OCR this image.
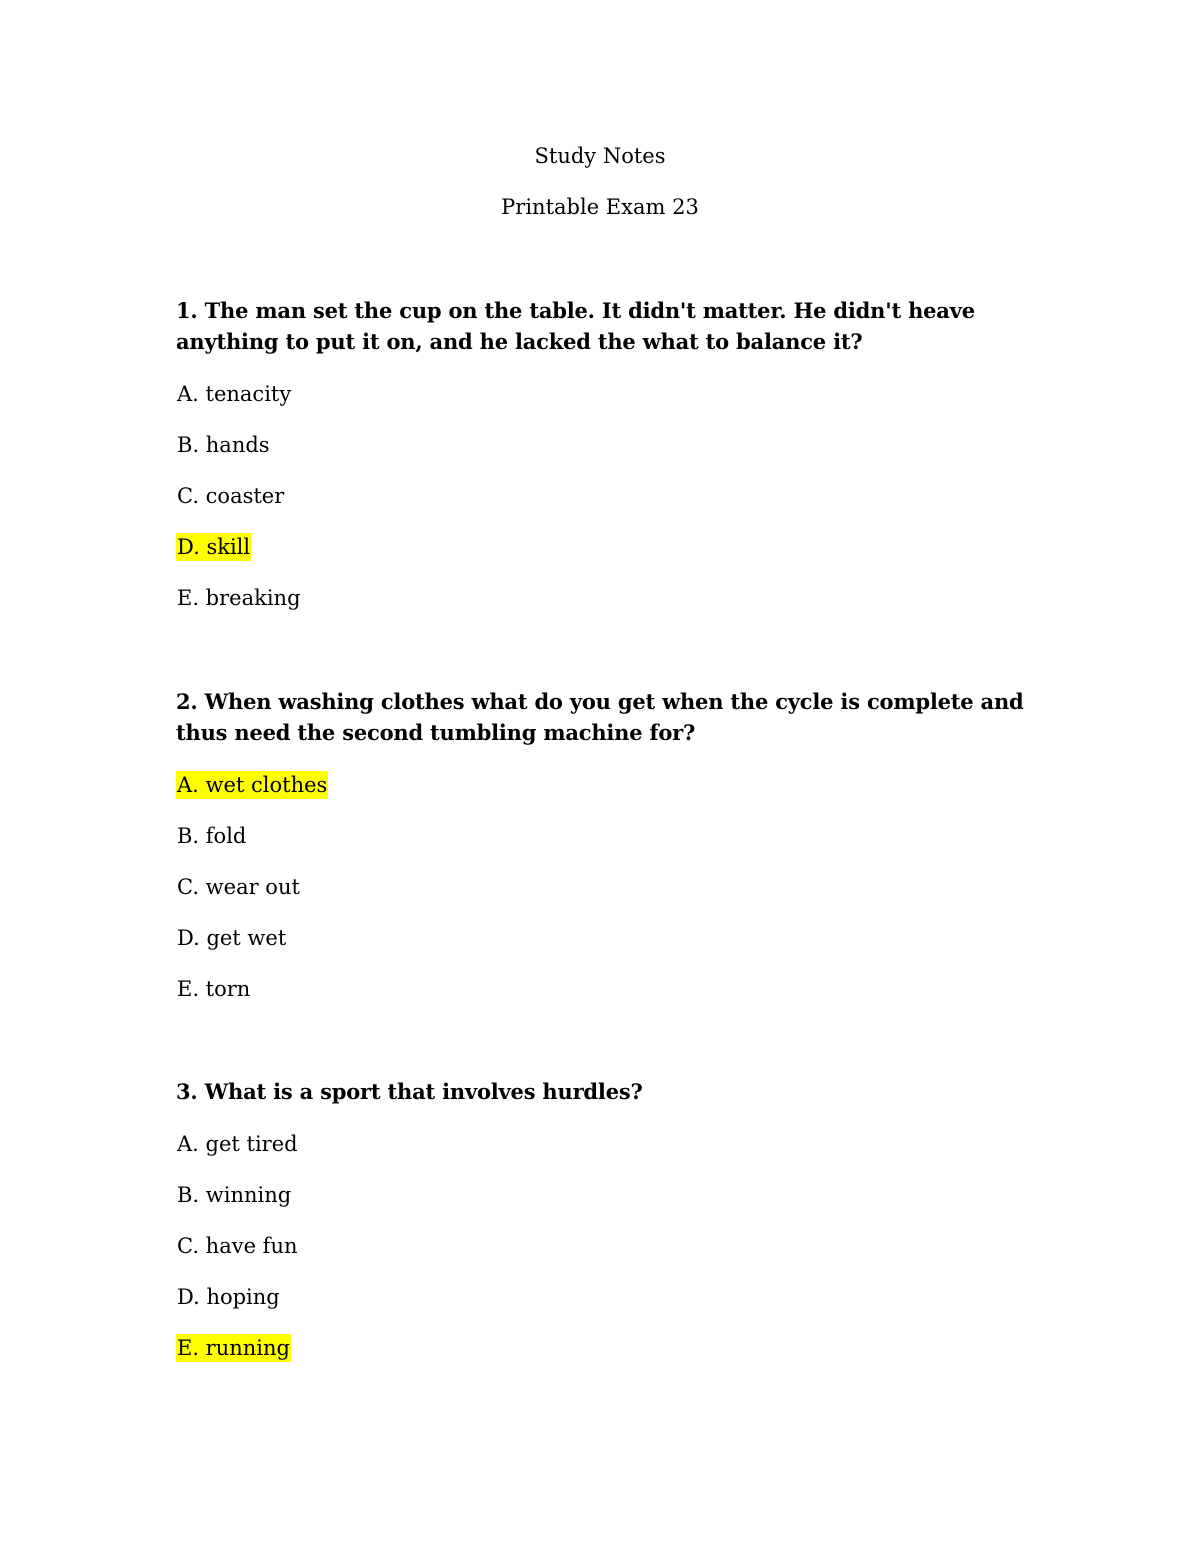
Study Notes
Printable Exam 23

1. The man set the cup on the table. It didn't matter. He didn't heave anything to put it on, and he lacked the what to balance it?

A. tenacity
B. hands
C. coaster
D. skill
E. breaking

2. When washing clothes what do you get when the cycle is complete and thus need the second tumbling machine for?

A. wet clothes
B. fold
C. wear out
D. get wet
E. torn

3. What is a sport that involves hurdles?

A. get tired
B. winning
C. have fun
D. hoping
E. running
